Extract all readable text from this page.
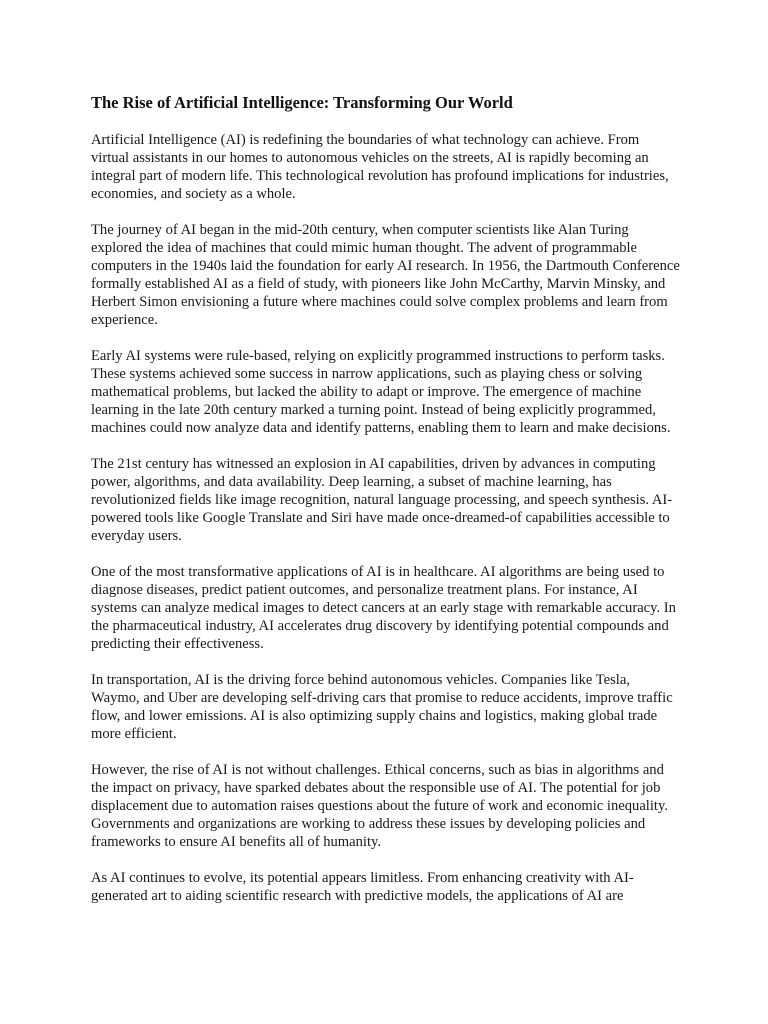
The Rise of Artificial Intelligence: Transforming Our World

Artificial Intelligence (AI) is redefining the boundaries of what technology can achieve. From virtual assistants in our homes to autonomous vehicles on the streets, AI is rapidly becoming an integral part of modern life. This technological revolution has profound implications for industries, economies, and society as a whole.

The journey of AI began in the mid-20th century, when computer scientists like Alan Turing explored the idea of machines that could mimic human thought. The advent of programmable computers in the 1940s laid the foundation for early AI research. In 1956, the Dartmouth Conference formally established AI as a field of study, with pioneers like John McCarthy, Marvin Minsky, and Herbert Simon envisioning a future where machines could solve complex problems and learn from experience.

Early AI systems were rule-based, relying on explicitly programmed instructions to perform tasks. These systems achieved some success in narrow applications, such as playing chess or solving mathematical problems, but lacked the ability to adapt or improve. The emergence of machine learning in the late 20th century marked a turning point. Instead of being explicitly programmed, machines could now analyze data and identify patterns, enabling them to learn and make decisions.

The 21st century has witnessed an explosion in AI capabilities, driven by advances in computing power, algorithms, and data availability. Deep learning, a subset of machine learning, has revolutionized fields like image recognition, natural language processing, and speech synthesis. AI-powered tools like Google Translate and Siri have made once-dreamed-of capabilities accessible to everyday users.

One of the most transformative applications of AI is in healthcare. AI algorithms are being used to diagnose diseases, predict patient outcomes, and personalize treatment plans. For instance, AI systems can analyze medical images to detect cancers at an early stage with remarkable accuracy. In the pharmaceutical industry, AI accelerates drug discovery by identifying potential compounds and predicting their effectiveness.

In transportation, AI is the driving force behind autonomous vehicles. Companies like Tesla, Waymo, and Uber are developing self-driving cars that promise to reduce accidents, improve traffic flow, and lower emissions. AI is also optimizing supply chains and logistics, making global trade more efficient.

However, the rise of AI is not without challenges. Ethical concerns, such as bias in algorithms and the impact on privacy, have sparked debates about the responsible use of AI. The potential for job displacement due to automation raises questions about the future of work and economic inequality. Governments and organizations are working to address these issues by developing policies and frameworks to ensure AI benefits all of humanity.

As AI continues to evolve, its potential appears limitless. From enhancing creativity with AI-generated art to aiding scientific research with predictive models, the applications of AI are
